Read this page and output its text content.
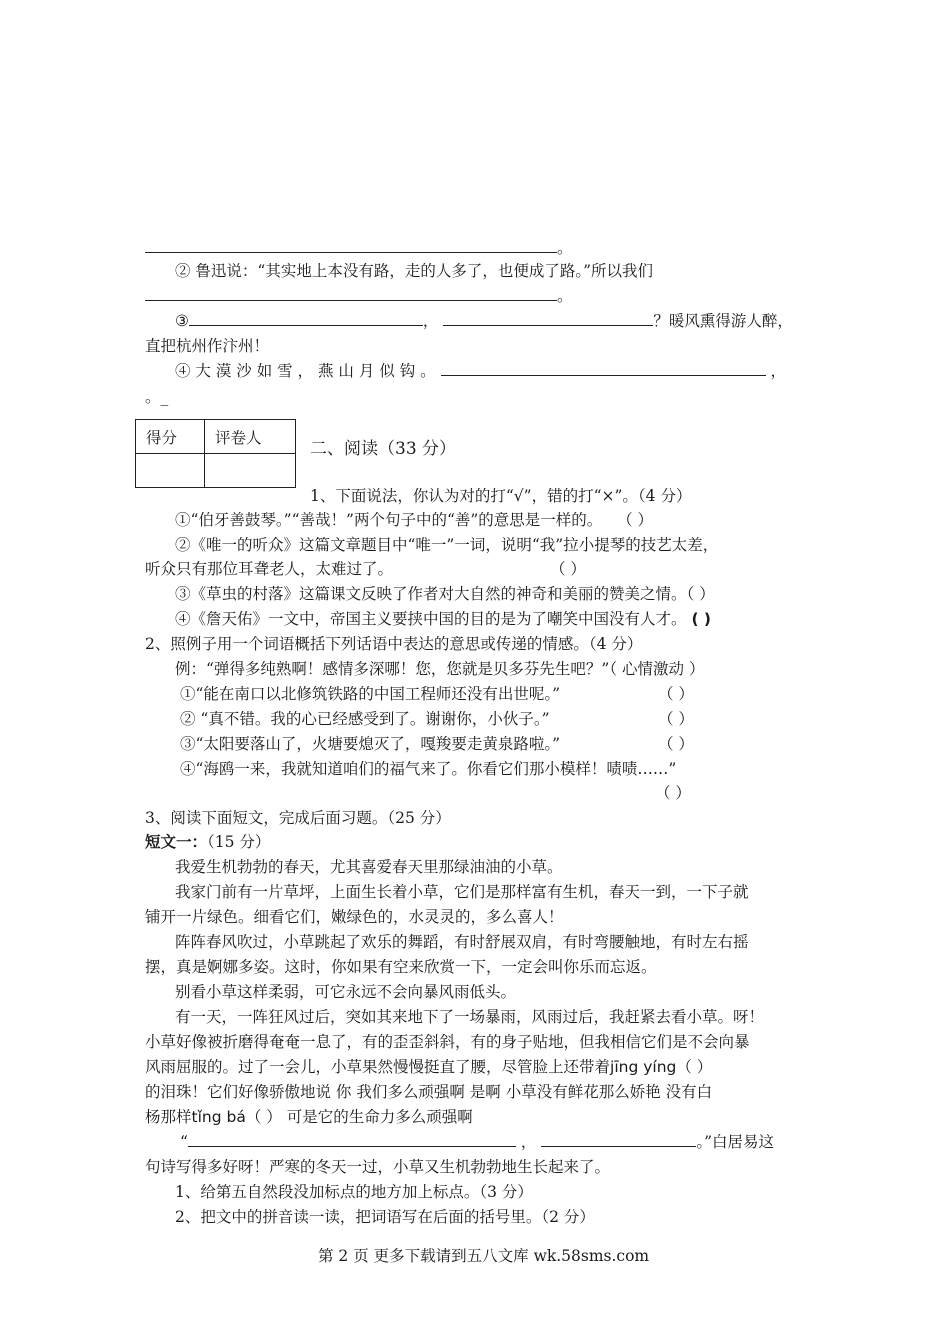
。
② 鲁迅说：“其实地上本没有路，走的人多了，也便成了路。”所以我们
。
③	，	？暖风熏得游人醉，
直把杭州作汴州！
④ 大 漠 沙 如 雪 ， 燕 山 月 似 钩 。	，
。_
得分	评卷人

二、阅读（33 分）
1、下面说法，你认为对的打“√”，错的打“×”。（4 分）
①“伯牙善鼓琴。”“善哉！”两个句子中的“善”的意思是一样的。 （ ）
②《唯一的听众》这篇文章题目中“唯一”一词，说明“我”拉小提琴的技艺太差，
听众只有那位耳聋老人，太难过了。	（ ）
③《草虫的村落》这篇课文反映了作者对大自然的神奇和美丽的赞美之情。（ ）
④《詹天佑》一文中，帝国主义要挟中国的目的是为了嘲笑中国没有人才。 ( )
2、照例子用一个词语概括下列话语中表达的意思或传递的情感。（4 分）
例：“弹得多纯熟啊！感情多深哪！您，您就是贝多芬先生吧？”（ 心情激动 ）
①“能在南口以北修筑铁路的中国工程师还没有出世呢。”	（ ）
② “真不错。我的心已经感受到了。谢谢你，小伙子。”	（ ）
③“太阳要落山了，火塘要熄灭了，嘎羧要走黄泉路啦。”	（ ）
④“海鸥一来，我就知道咱们的福气来了。你看它们那小模样！啧啧……”
（ ）
3、阅读下面短文，完成后面习题。（25 分）
短文一：（15 分）
我爱生机勃勃的春天，尤其喜爱春天里那绿油油的小草。
我家门前有一片草坪，上面生长着小草，它们是那样富有生机，春天一到，一下子就
铺开一片绿色。细看它们，嫩绿色的，水灵灵的，多么喜人！
阵阵春风吹过，小草跳起了欢乐的舞蹈，有时舒展双肩，有时弯腰触地，有时左右摇
摆，真是婀娜多姿。这时，你如果有空来欣赏一下，一定会叫你乐而忘返。
别看小草这样柔弱，可它永远不会向暴风雨低头。
有一天，一阵狂风过后，突如其来地下了一场暴雨，风雨过后，我赶紧去看小草。呀！
小草好像被折磨得奄奄一息了，有的歪歪斜斜，有的身子贴地，但我相信它们是不会向暴
风雨屈服的。过了一会儿，小草果然慢慢挺直了腰，尽管脸上还带着jīng yíng（ ）
的泪珠！它们好像骄傲地说 你 我们多么顽强啊 是啊 小草没有鲜花那么娇艳 没有白
杨那样tǐng bá（ ） 可是它的生命力多么顽强啊
“	，	。”白居易这
句诗写得多好呀！严寒的冬天一过，小草又生机勃勃地生长起来了。
1、给第五自然段没加标点的地方加上标点。（3 分）
2、把文中的拼音读一读，把词语写在后面的括号里。（2 分）
第 2 页 更多下载请到五八文库 wk.58sms.com
